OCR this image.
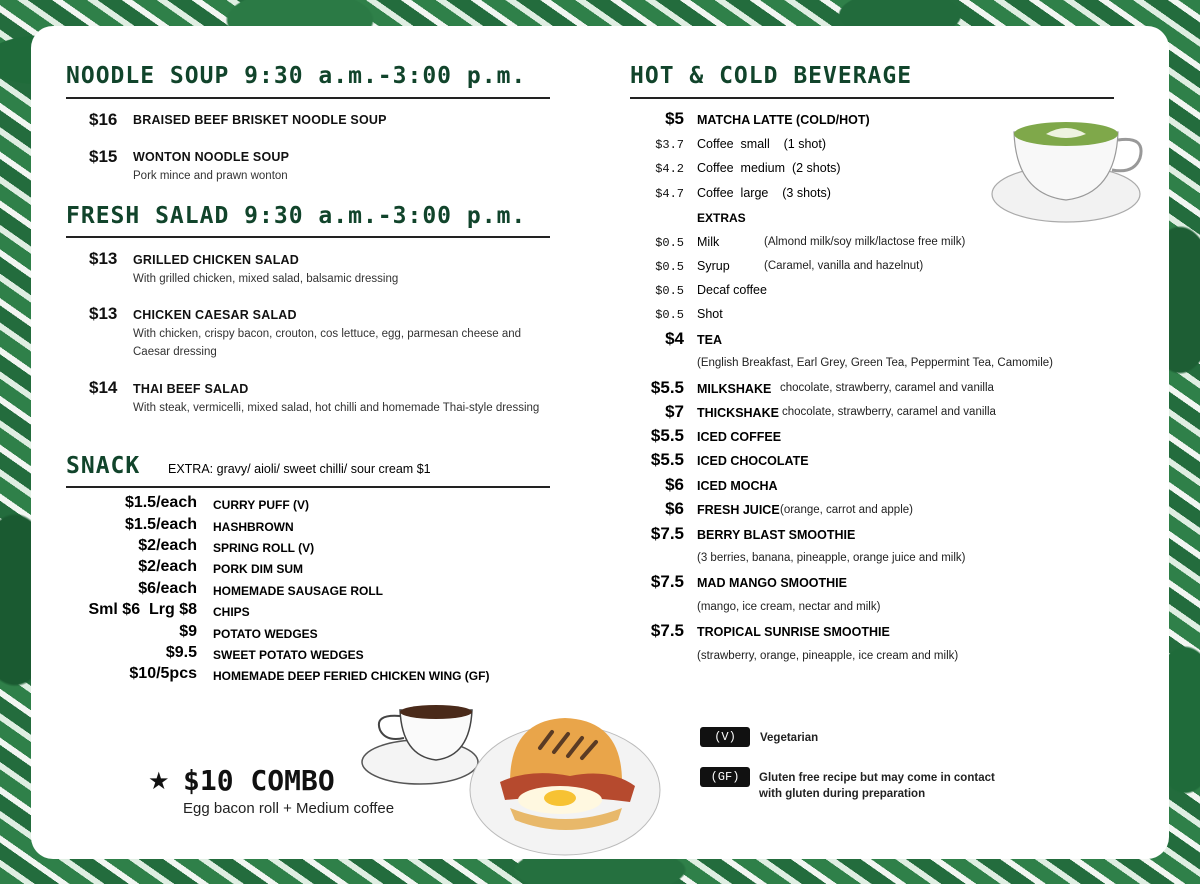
NOODLE SOUP 9:30 a.m.-3:00 p.m.
$16 BRAISED BEEF BRISKET NOODLE SOUP
$15 WONTON NOODLE SOUP
Pork mince and prawn wonton
FRESH SALAD 9:30 a.m.-3:00 p.m.
$13 GRILLED CHICKEN SALAD
With grilled chicken, mixed salad, balsamic dressing
$13 CHICKEN CAESAR SALAD
With chicken, crispy bacon, crouton, cos lettuce, egg, parmesan cheese and Caesar dressing
$14 THAI BEEF SALAD
With steak, vermicelli, mixed salad, hot chilli and homemade Thai-style dressing
SNACK EXTRA: gravy/ aioli/ sweet chilli/ sour cream $1
$1.5/each CURRY PUFF (V)
$1.5/each HASHBROWN
$2/each SPRING ROLL (V)
$2/each PORK DIM SUM
$6/each HOMEMADE SAUSAGE ROLL
Sml $6  Lrg $8 CHIPS
$9 POTATO WEDGES
$9.5 SWEET POTATO WEDGES
$10/5pcs HOMEMADE DEEP FERIED CHICKEN WING (GF)
★ $10 COMBO
Egg bacon roll + Medium coffee
HOT & COLD BEVERAGE
$5 MATCHA LATTE (COLD/HOT)
$3.7 Coffee  small    (1 shot)
$4.2 Coffee  medium  (2 shots)
$4.7 Coffee  large    (3 shots)
EXTRAS
$0.5 Milk	(Almond milk/soy milk/lactose free milk)
$0.5 Syrup	(Caramel, vanilla and hazelnut)
$0.5 Decaf coffee
$0.5 Shot
$4 TEA
(English Breakfast, Earl Grey, Green Tea, Peppermint Tea, Camomile)
$5.5 MILKSHAKE chocolate, strawberry, caramel and vanilla
$7 THICKSHAKE chocolate, strawberry, caramel and vanilla
$5.5 ICED COFFEE
$5.5 ICED CHOCOLATE
$6 ICED MOCHA
$6 FRESH JUICE (orange, carrot and apple)
$7.5 BERRY BLAST SMOOTHIE
(3 berries, banana, pineapple, orange juice and milk)
$7.5 MAD MANGO SMOOTHIE
(mango, ice cream, nectar and milk)
$7.5 TROPICAL SUNRISE SMOOTHIE
(strawberry, orange, pineapple, ice cream and milk)
(V)	Vegetarian
(GF)	Gluten free recipe but may come in contact
with gluten during preparation
